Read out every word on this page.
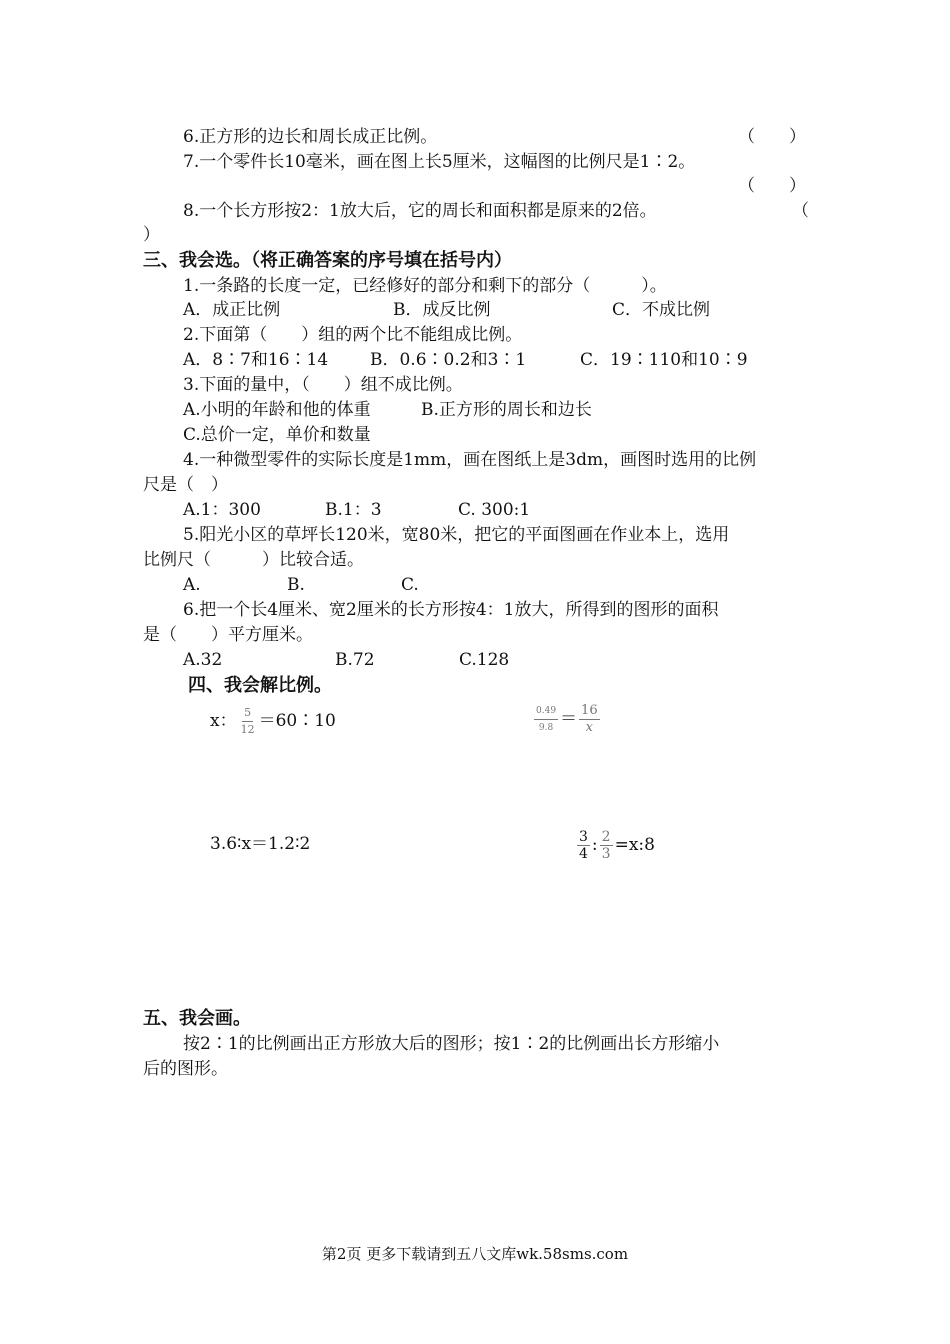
6.正方形的边长和周长成正比例。	（　　）
7.一个零件长10毫米，画在图上长5厘米，这幅图的比例尺是1∶2。
（　　）
8.一个长方形按2：1放大后，它的周长和面积都是原来的2倍。	（
）
三、我会选。（将正确答案的序号填在括号内）
1.一条路的长度一定，已经修好的部分和剩下的部分（　　　）。
A．成正比例	B．成反比例	C．不成比例
2.下面第（　　）组的两个比不能组成比例。
A．8∶7和16∶14 B．0.6∶0.2和3∶1	C．19∶110和10∶9
3.下面的量中，（　　）组不成比例。
A.小明的年龄和他的体重	B.正方形的周长和边长
C.总价一定，单价和数量
4.一种微型零件的实际长度是1mm，画在图纸上是3dm，画图时选用的比例
尺是（　）
A.1：300	B.1：3	C. 300:1
5.阳光小区的草坪长120米，宽80米，把它的平面图画在作业本上，选用
比例尺（　　　）比较合适。
A.	B.	C.
6.把一个长4厘米、宽2厘米的长方形按4：1放大，所得到的图形的面积
是（　　）平方厘米。
A.32	B.72	C.128
四、我会解比例。
x： $\frac{5}{12}$ ＝60∶10	$\frac{0.49}{9.8} = \frac{16}{x}$
3.6∶x＝1.2∶2	$\frac{3}{4}$ : $\frac{2}{3}$ =x:8
五、我会画。
按2∶1的比例画出正方形放大后的图形；按1∶2的比例画出长方形缩小
后的图形。
第2页 更多下载请到五八文库wk.58sms.com
